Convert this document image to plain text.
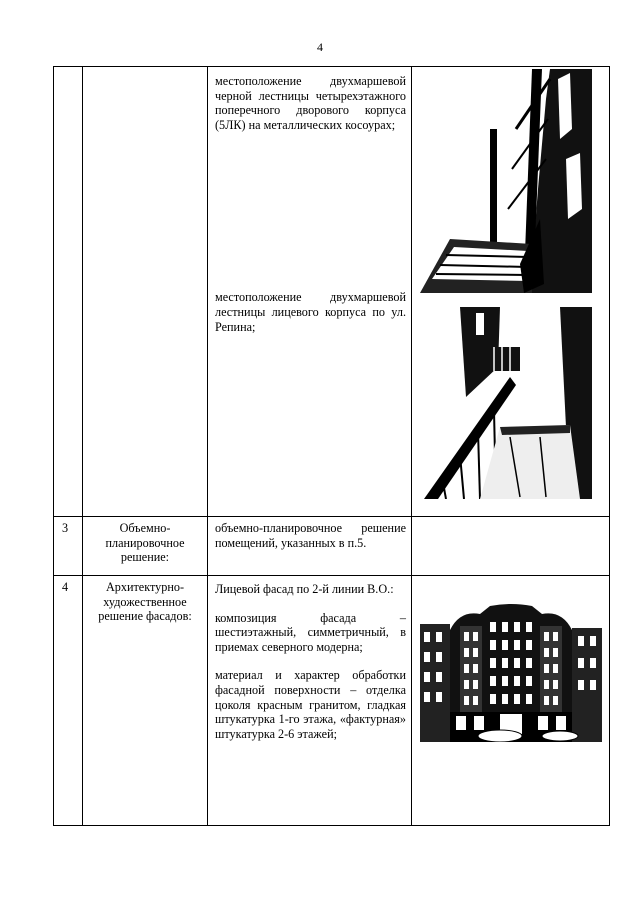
4

		местоположение двухмаршевой черной лестницы четырехэтажного поперечного дворового корпуса (5ЛК) на металлических косоурах;

местоположение двухмаршевой лестницы лицевого корпуса по ул. Репина;

3	Объемно-планировочное решение:	объемно-планировочное решение помещений, указанных в п.5.	

4	Архитектурно-художественное решение фасадов:	Лицевой фасад по 2-й линии В.О.:

композиция фасада – шестиэтажный, симметричный, в приемах северного модерна;

материал и характер обработки фасадной поверхности – отделка цоколя красным гранитом, гладкая штукатурка 1-го этажа, «фактурная» штукатурка 2-6 этажей;
